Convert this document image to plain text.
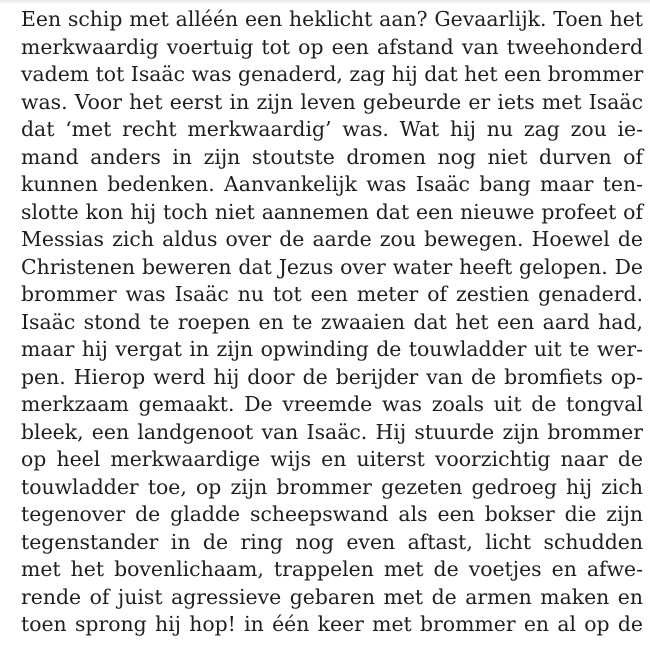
Een schip met alléén een heklicht aan? Gevaarlijk. Toen het
merkwaardig voertuig tot op een afstand van tweehonderd
vadem tot Isaäc was genaderd, zag hij dat het een brommer
was. Voor het eerst in zijn leven gebeurde er iets met Isaäc
dat ‘met recht merkwaardig’ was. Wat hij nu zag zou ie-
mand anders in zijn stoutste dromen nog niet durven of
kunnen bedenken. Aanvankelijk was Isaäc bang maar ten-
slotte kon hij toch niet aannemen dat een nieuwe profeet of
Messias zich aldus over de aarde zou bewegen. Hoewel de
Christenen beweren dat Jezus over water heeft gelopen. De
brommer was Isaäc nu tot een meter of zestien genaderd.
Isaäc stond te roepen en te zwaaien dat het een aard had,
maar hij vergat in zijn opwinding de touwladder uit te wer-
pen. Hierop werd hij door de berijder van de bromfiets op-
merkzaam gemaakt. De vreemde was zoals uit de tongval
bleek, een landgenoot van Isaäc. Hij stuurde zijn brommer
op heel merkwaardige wijs en uiterst voorzichtig naar de
touwladder toe, op zijn brommer gezeten gedroeg hij zich
tegenover de gladde scheepswand als een bokser die zijn
tegenstander in de ring nog even aftast, licht schudden
met het bovenlichaam, trappelen met de voetjes en afwe-
rende of juist agressieve gebaren met de armen maken en
toen sprong hij hop! in één keer met brommer en al op de
